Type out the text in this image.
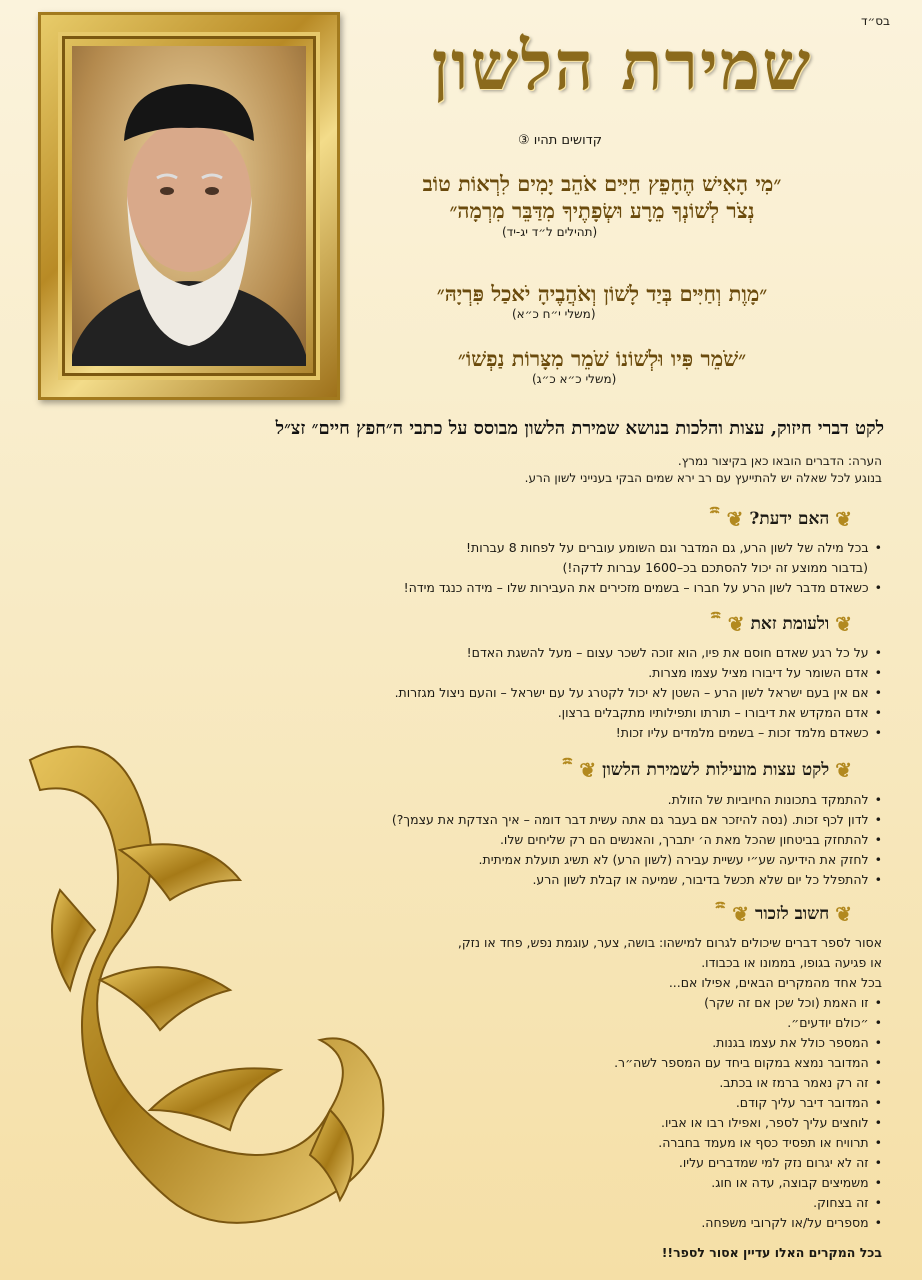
בס״ד
שמירת הלשון
קדושים תהיו ③
״מִי הָאִישׁ הֶחָפֵץ חַיִּים אֹהֵב יָמִים לִרְאוֹת טוֹב
נְצֹר לְשׁוֹנְךָ מֵרָע וּשְׂפָתֶיךָ מִדַּבֵּר מִרְמָה״
(תהילים ל״ד יג-יד)
״מָוֶת וְחַיִּים בְּיַד לָשׁוֹן וְאֹהֲבֶיהָ יֹאכַל פִּרְיָהּ״
(משלי י״ח כ״א)
״שֹׁמֵר פִּיו וּלְשׁוֹנוֹ שֹׁמֵר מִצָּרוֹת נַפְשׁוֹ״
(משלי כ״א כ״ג)
לקט דברי חיזוק, עצות והלכות בנושא שמירת הלשון מבוסס על כתבי ה״חפץ חיים״ זצ״ל
הערה: הדברים הובאו כאן בקיצור נמרץ.
בנוגע לכל שאלה יש להתייעץ עם רב ירא שמים הבקי בענייני לשון הרע.
❦
האם ידעת?
❦
• בכל מילה של לשון הרע, גם המדבר וגם השומע עוברים על לפחות 8 עברות!
(בדבור ממוצע זה יכול להסתכם בכ–1600 עברות לדקה!)
• כשאדם מדבר לשון הרע על חברו – בשמים מזכירים את העבירות שלו – מידה כנגד מידה!
❦
ולעומת זאת
❦
• על כל רגע שאדם חוסם את פיו, הוא זוכה לשכר עצום – מעל להשגת האדם!
• אדם השומר על דיבורו מציל עצמו מצרות.
• אם אין בעם ישראל לשון הרע – השטן לא יכול לקטרג על עם ישראל – והעם ניצול מגזרות.
• אדם המקדש את דיבורו – תורתו ותפילותיו מתקבלים ברצון.
• כשאדם מלמד זכות – בשמים מלמדים עליו זכות!
❦
לקט עצות מועילות לשמירת הלשון
❦
• להתמקד בתכונות החיוביות של הזולת.
• לדון לכף זכות. (נסה להיזכר אם בעבר גם אתה עשית דבר דומה – איך הצדקת את עצמך?)
• להתחזק בביטחון שהכל מאת ה׳ יתברך, והאנשים הם רק שליחים שלו.
• לחזק את הידיעה שע״י עשיית עבירה (לשון הרע) לא תשיג תועלת אמיתית.
• להתפלל כל יום שלא תכשל בדיבור, שמיעה או קבלת לשון הרע.
❦
חשוב לזכור
❦
אסור לספר דברים שיכולים לגרום למישהו: בושה, צער, עוגמת נפש, פחד או נזק,
או פגיעה בגופו, בממונו או בכבודו.
בכל אחד מהמקרים הבאים, אפילו אם...
• זו האמת (וכל שכן אם זה שקר)
• ״כולם יודעים״.
• המספר כולל את עצמו בגנות.
• המדובר נמצא במקום ביחד עם המספר לשה״ר.
• זה רק נאמר ברמז או בכתב.
• המדובר דיבר עליך קודם.
• לוחצים עליך לספר, ואפילו רבו או אביו.
• תרוויח או תפסיד כסף או מעמד בחברה.
• זה לא יגרום נזק למי שמדברים עליו.
• משמיצים קבוצה, עדה או חוג.
• זה בצחוק.
• מספרים על/או לקרובי משפחה.
בכל המקרים האלו עדיין אסור לספר!!
